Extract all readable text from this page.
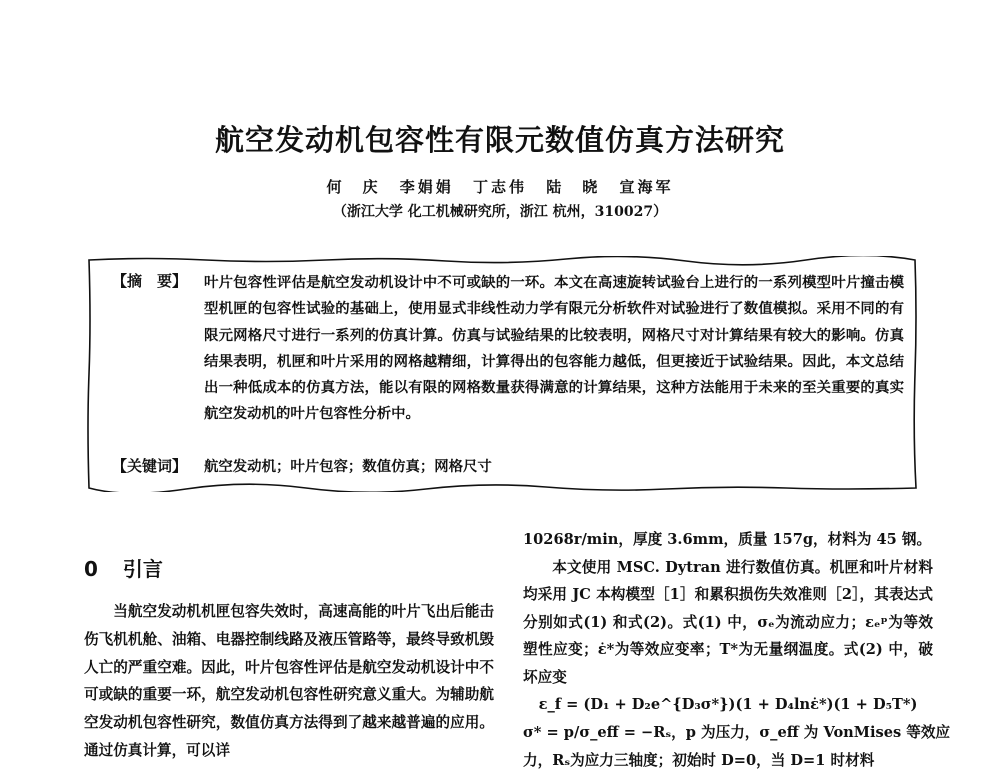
航空发动机包容性有限元数值仿真方法研究
何　庆 李娟娟 丁志伟 陆　晓 宣海军
（浙江大学 化工机械研究所，浙江 杭州，310027）
【摘　要】 叶片包容性评估是航空发动机设计中不可或缺的一环。本文在高速旋转试验台上进行的一系列模型叶片撞击模型机匣的包容性试验的基础上，使用显式非线性动力学有限元分析软件对试验进行了数值模拟。采用不同的有限元网格尺寸进行一系列的仿真计算。仿真与试验结果的比较表明，网格尺寸对计算结果有较大的影响。仿真结果表明，机匣和叶片采用的网格越精细，计算得出的包容能力越低，但更接近于试验结果。因此，本文总结出一种低成本的仿真方法，能以有限的网格数量获得满意的计算结果，这种方法能用于未来的至关重要的真实航空发动机的叶片包容性分析中。
【关键词】 航空发动机；叶片包容；数值仿真；网格尺寸
0 引言

当航空发动机机匣包容失效时，高速高能的叶片飞出后能击伤飞机机舱、油箱、电器控制线路及液压管路等，最终导致机毁人亡的严重空难。因此，叶片包容性评估是航空发动机设计中不可或缺的重要一环，航空发动机包容性研究意义重大。为辅助航空发动机包容性研究，数值仿真方法得到了越来越普遍的应用。通过仿真计算，可以详

10268r/min，厚度 3.6mm，质量 157g，材料为 45 钢。

本文使用 MSC. Dytran 进行数值仿真。机匣和叶片材料均采用 JC 本构模型［1］和累积损伤失效准则［2］，其表达式分别如式(1) 和式(2)。式(1) 中，σₑ为流动应力；εₑᵖ为等效塑性应变；ε̇*为等效应变率；T*为无量纲温度。式(2) 中，破坏应变

ε_f = (D₁ + D₂e^{D₃σ*})(1 + D₄lnε̇*)(1 + D₅T*)

σ* = p/σ_eff = −Rₛ，p 为压力，σ_eff 为 VonMises 等效应

力，Rₛ为应力三轴度；初始时 D=0，当 D=1 时材料
